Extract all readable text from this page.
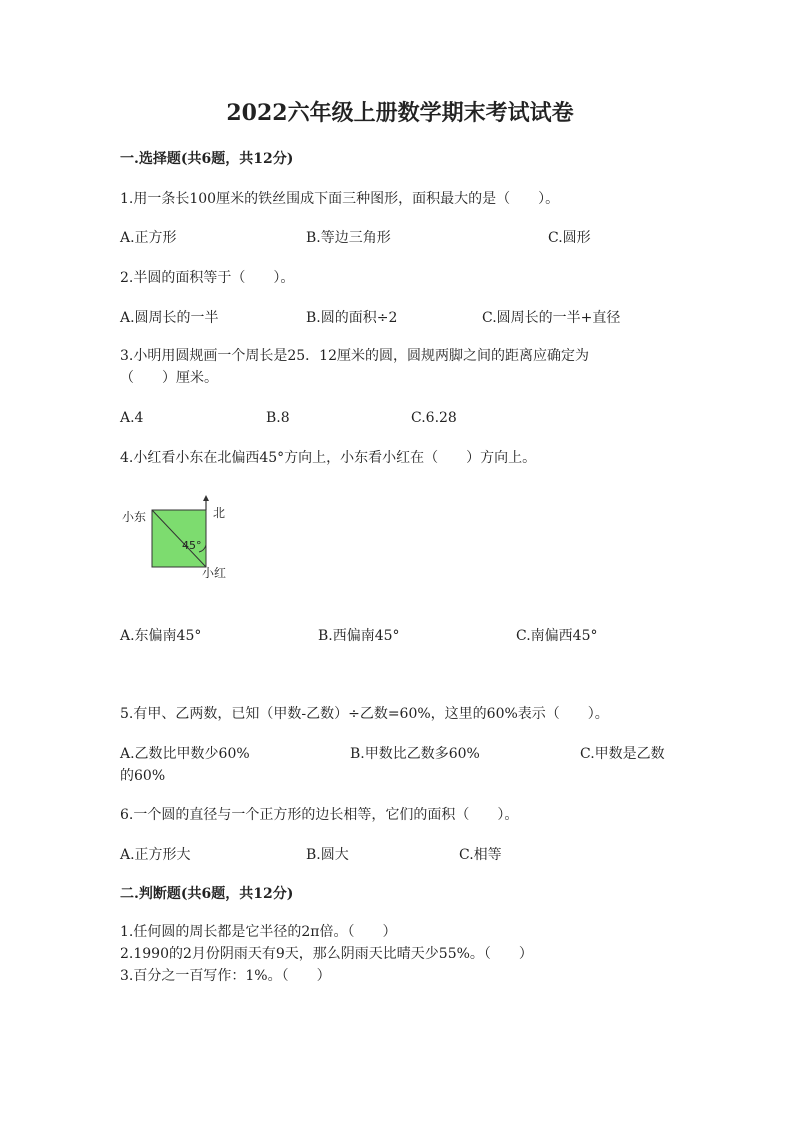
2022六年级上册数学期末考试试卷
一.选择题(共6题，共12分)
1.用一条长100厘米的铁丝围成下面三种图形，面积最大的是（　　）。
A.正方形	B.等边三角形	C.圆形
2.半圆的面积等于（　　）。
A.圆周长的一半	B.圆的面积÷2	C.圆周长的一半+直径
3.小明用圆规画一个周长是25．12厘米的圆，圆规两脚之间的距离应确定为
（　　）厘米。
A.4	B.8	C.6.28
4.小红看小东在北偏西45°方向上，小东看小红在（　　）方向上。
小东	北
45°
小红
A.东偏南45°	B.西偏南45°	C.南偏西45°
5.有甲、乙两数，已知（甲数-乙数）÷乙数=60%，这里的60%表示（　　）。
A.乙数比甲数少60%	B.甲数比乙数多60%	C.甲数是乙数
的60%
6.一个圆的直径与一个正方形的边长相等，它们的面积（　　）。
A.正方形大	B.圆大	C.相等
二.判断题(共6题，共12分)
1.任何圆的周长都是它半径的2π倍。（　　）
2.1990的2月份阴雨天有9天，那么阴雨天比晴天少55%。（　　）
3.百分之一百写作：1%。（　　）
